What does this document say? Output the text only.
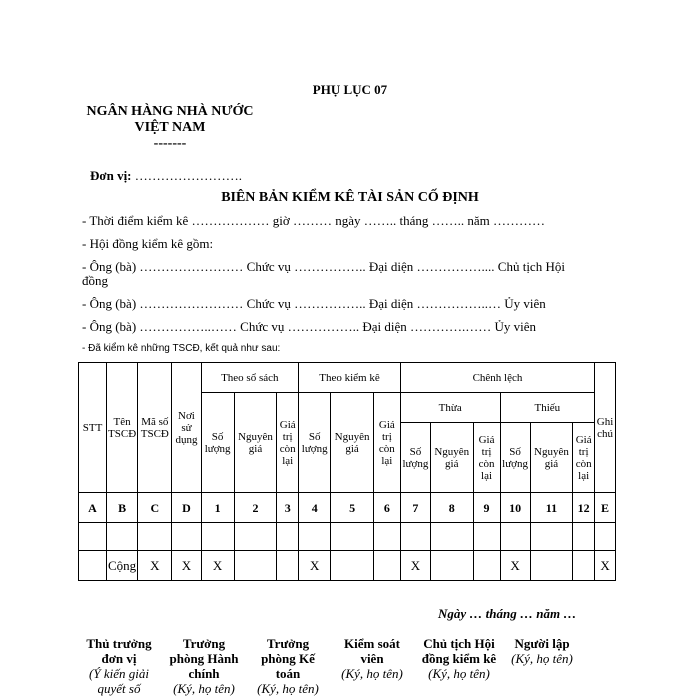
PHỤ LỤC 07
NGÂN HÀNG NHÀ NƯỚC
VIỆT NAM
-------
Đơn vị: …………………….
BIÊN BẢN KIỂM KÊ TÀI SẢN CỐ ĐỊNH
- Thời điểm kiểm kê ……………… giờ ……… ngày …….. tháng …….. năm …………
- Hội đồng kiểm kê gồm:
- Ông (bà) …………………… Chức vụ …………….. Đại diện …………….... Chủ tịch Hội
đồng
- Ông (bà) …………………… Chức vụ …………….. Đại diện ……………..… Ủy viên
- Ông (bà) ……………..…… Chức vụ …………….. Đại diện ………….…… Ủy viên
- Đã kiểm kê những TSCĐ, kết quả như sau:
STT	Tên TSCĐ	Mã số TSCĐ	Nơi sử dụng	Theo sổ sách			Theo kiểm kê			Chênh lệch						Ghi chú
				Số lượng	Nguyên giá	Giá trị còn lại	Số lượng	Nguyên giá	Giá trị còn lại	Thừa			Thiếu			
										Số lượng	Nguyên giá	Giá trị còn lại	Số lượng	Nguyên giá	Giá trị còn lại	
A	B	C	D	1	2	3	4	5	6	7	8	9	10	11	12	E

	Cộng	X	X	X			X			X			X			X
Ngày … tháng … năm …
Thủ trưởng
đơn vị
(Ý kiến giải
quyết số
Trưởng
phòng Hành
chính
(Ký, họ tên)
Trưởng
phòng Kế
toán
(Ký, họ tên)
Kiểm soát
viên
(Ký, họ tên)
Chủ tịch Hội
đồng kiểm kê
(Ký, họ tên)
Người lập
(Ký, họ tên)
